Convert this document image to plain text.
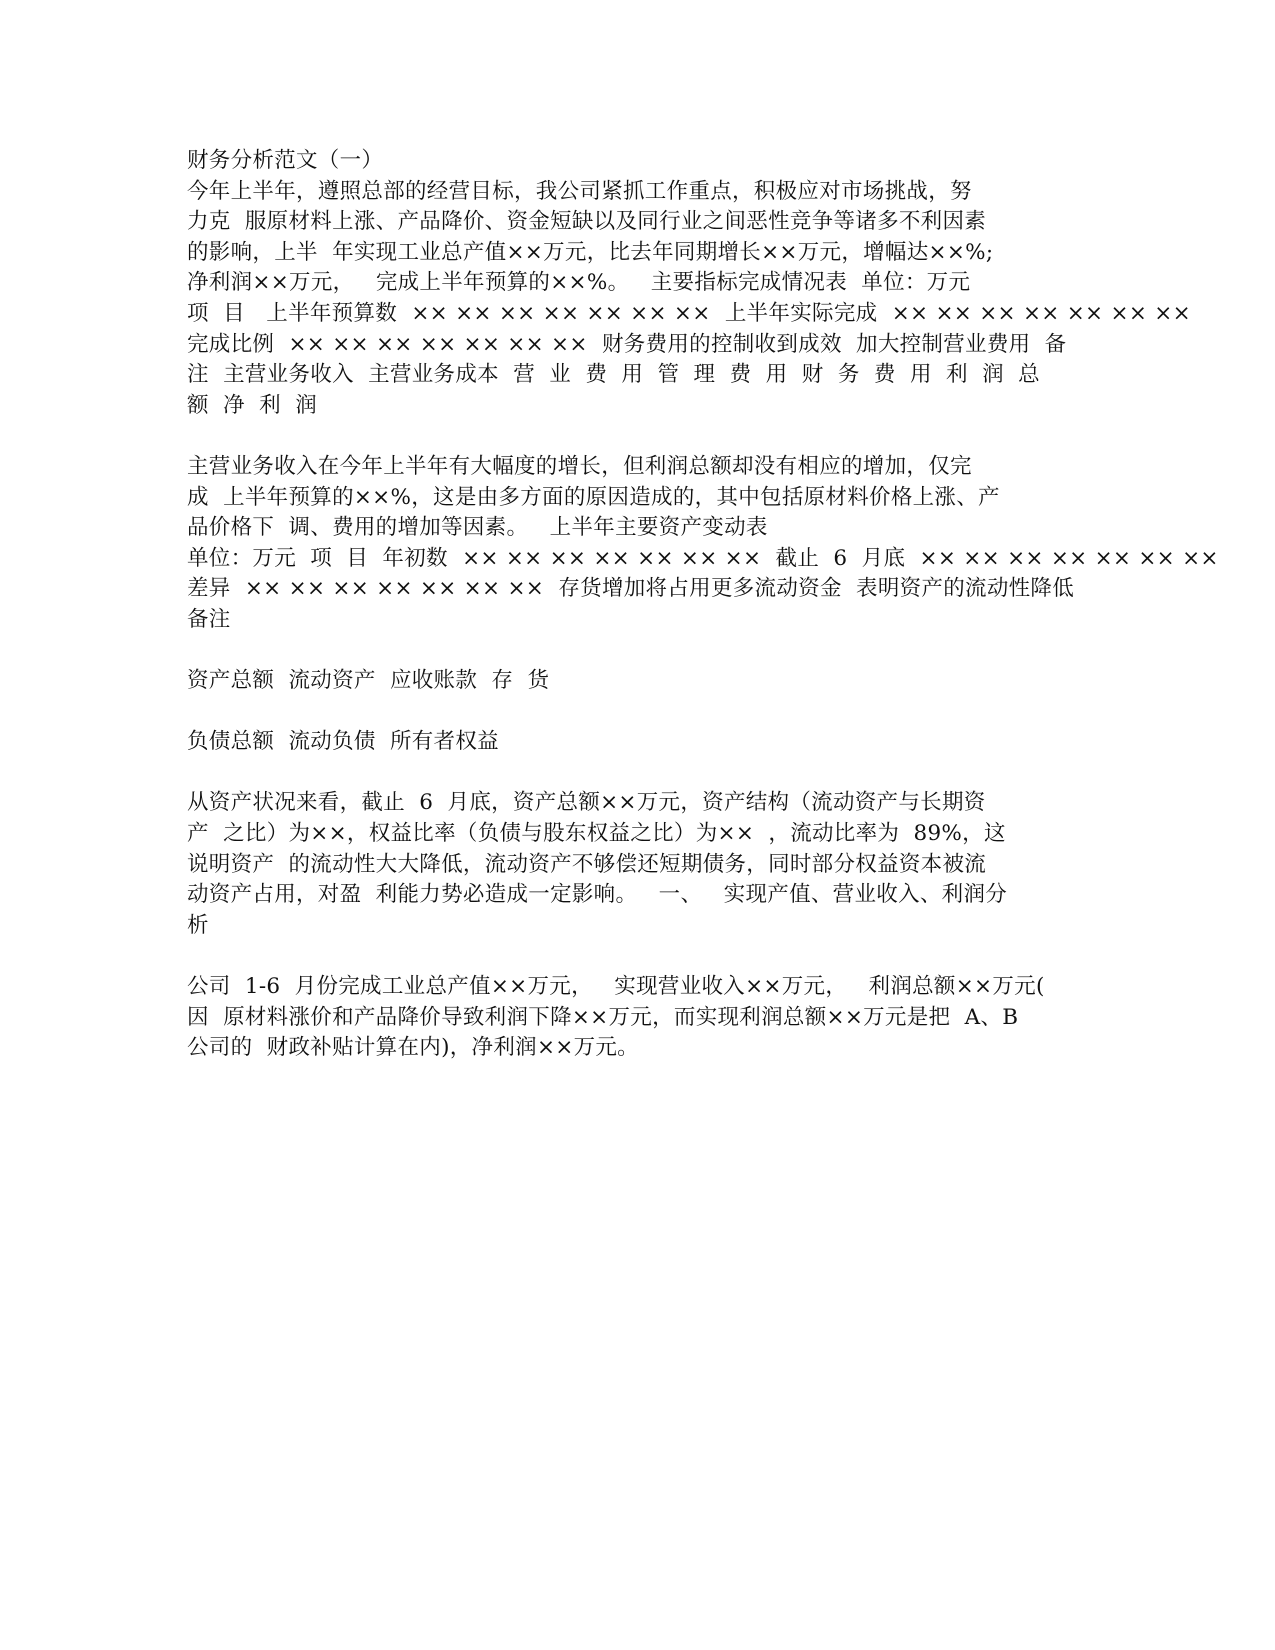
财务分析范文（一）
今年上半年，遵照总部的经营目标，我公司紧抓工作重点，积极应对市场挑战，努
力克  服原材料上涨、产品降价、资金短缺以及同行业之间恶性竞争等诸多不利因素
的影响，上半  年实现工业总产值××万元，比去年同期增长××万元，增幅达××%;
净利润××万元，   完成上半年预算的××%。   主要指标完成情况表  单位：万元
项  目   上半年预算数  ×× ×× ×× ×× ×× ×× ××  上半年实际完成  ×× ×× ×× ×× ×× ×× ××
完成比例  ×× ×× ×× ×× ×× ×× ××  财务费用的控制收到成效  加大控制营业费用  备
注  主营业务收入  主营业务成本  营  业  费  用  管  理  费  用  财  务  费  用  利  润  总
额  净  利  润
主营业务收入在今年上半年有大幅度的增长，但利润总额却没有相应的增加，仅完
成  上半年预算的××%，这是由多方面的原因造成的，其中包括原材料价格上涨、产
品价格下  调、费用的增加等因素。   上半年主要资产变动表
单位：万元  项  目  年初数  ×× ×× ×× ×× ×× ×× ××  截止  6  月底  ×× ×× ×× ×× ×× ×× ××
差异  ×× ×× ×× ×× ×× ×× ××  存货增加将占用更多流动资金  表明资产的流动性降低
备注
资产总额  流动资产  应收账款  存  货
负债总额  流动负债  所有者权益
从资产状况来看，截止  6  月底，资产总额××万元，资产结构（流动资产与长期资
产  之比）为××，权益比率（负债与股东权益之比）为××  ，流动比率为  89%，这
说明资产  的流动性大大降低，流动资产不够偿还短期债务，同时部分权益资本被流
动资产占用，对盈  利能力势必造成一定影响。   一、   实现产值、营业收入、利润分
析
公司  1-6  月份完成工业总产值××万元，   实现营业收入××万元，   利润总额××万元(
因  原材料涨价和产品降价导致利润下降××万元，而实现利润总额××万元是把  A、B
公司的  财政补贴计算在内)，净利润××万元。
